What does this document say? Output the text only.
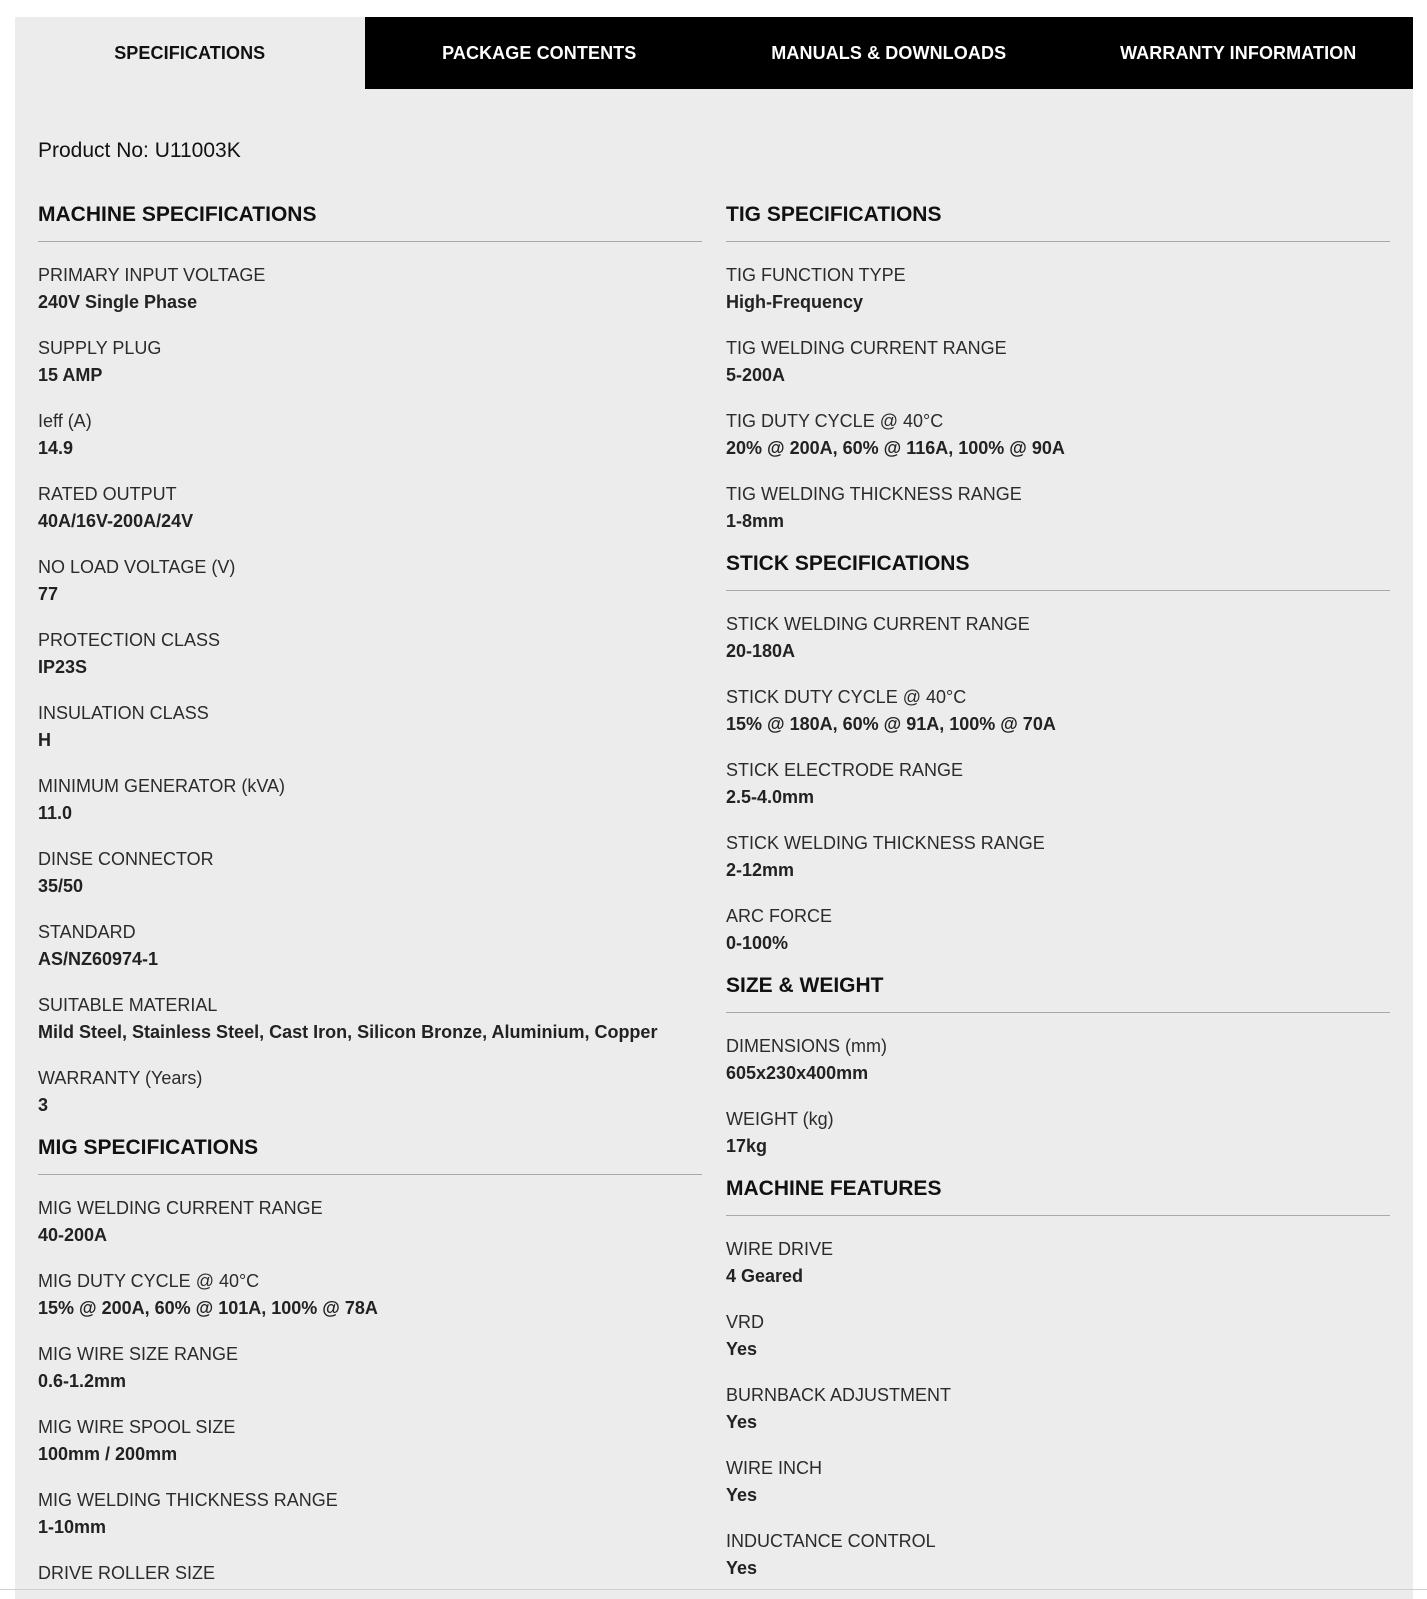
SPECIFICATIONS	PACKAGE CONTENTS	MANUALS & DOWNLOADS	WARRANTY INFORMATION
Product No: U11003K
MACHINE SPECIFICATIONS
PRIMARY INPUT VOLTAGE
240V Single Phase
SUPPLY PLUG
15 AMP
Ieff (A)
14.9
RATED OUTPUT
40A/16V-200A/24V
NO LOAD VOLTAGE (V)
77
PROTECTION CLASS
IP23S
INSULATION CLASS
H
MINIMUM GENERATOR (kVA)
11.0
DINSE CONNECTOR
35/50
STANDARD
AS/NZ60974-1
SUITABLE MATERIAL
Mild Steel, Stainless Steel, Cast Iron, Silicon Bronze, Aluminium, Copper
WARRANTY (Years)
3
MIG SPECIFICATIONS
MIG WELDING CURRENT RANGE
40-200A
MIG DUTY CYCLE @ 40°C
15% @ 200A, 60% @ 101A, 100% @ 78A
MIG WIRE SIZE RANGE
0.6-1.2mm
MIG WIRE SPOOL SIZE
100mm / 200mm
MIG WELDING THICKNESS RANGE
1-10mm
DRIVE ROLLER SIZE
TIG SPECIFICATIONS
TIG FUNCTION TYPE
High-Frequency
TIG WELDING CURRENT RANGE
5-200A
TIG DUTY CYCLE @ 40°C
20% @ 200A, 60% @ 116A, 100% @ 90A
TIG WELDING THICKNESS RANGE
1-8mm
STICK SPECIFICATIONS
STICK WELDING CURRENT RANGE
20-180A
STICK DUTY CYCLE @ 40°C
15% @ 180A, 60% @ 91A, 100% @ 70A
STICK ELECTRODE RANGE
2.5-4.0mm
STICK WELDING THICKNESS RANGE
2-12mm
ARC FORCE
0-100%
SIZE & WEIGHT
DIMENSIONS (mm)
605x230x400mm
WEIGHT (kg)
17kg
MACHINE FEATURES
WIRE DRIVE
4 Geared
VRD
Yes
BURNBACK ADJUSTMENT
Yes
WIRE INCH
Yes
INDUCTANCE CONTROL
Yes
